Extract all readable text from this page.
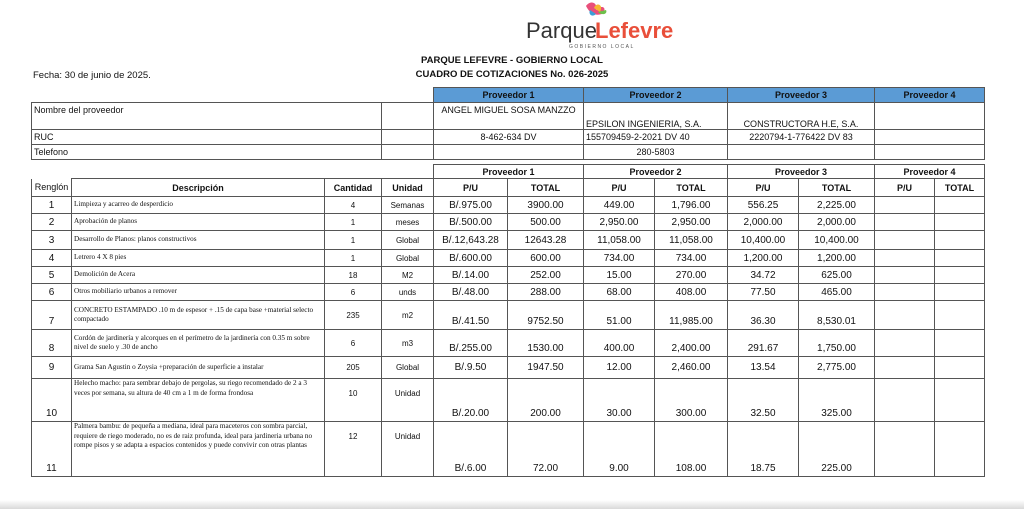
Parque
Lefevre
GOBIERNO LOCAL
PARQUE LEFEVRE - GOBIERNO LOCAL
CUADRO DE COTIZACIONES No. 026-2025
Fecha: 30 de junio de 2025.
		Proveedor 1	Proveedor 2	Proveedor 3	Proveedor 4
Nombre del proveedor		ANGEL MIGUEL SOSA MANZZO	EPSILON INGENIERIA, S.A.	CONSTRUCTORA H.E, S.A.	
RUC		8-462-634 DV	155709459-2-2021 DV 40	2220794-1-776422 DV 83	
Telefono			280-5803		
				Proveedor 1		Proveedor 2		Proveedor 3		Proveedor 4	
Renglón	Descripción	Cantidad	Unidad	P/U	TOTAL	P/U	TOTAL	P/U	TOTAL	P/U	TOTAL
1	Limpieza y acarreo de desperdicio	4	Semanas	B/.975.00	3900.00	449.00	1,796.00	556.25	2,225.00		
2	Aprobación de planos	1	meses	B/.500.00	500.00	2,950.00	2,950.00	2,000.00	2,000.00		
3	Desarrollo de Planos: planos constructivos	1	Global	B/.12,643.28	12643.28	11,058.00	11,058.00	10,400.00	10,400.00		
4	Letrero 4 X 8 pies	1	Global	B/.600.00	600.00	734.00	734.00	1,200.00	1,200.00		
5	Demolición de Acera	18	M2	B/.14.00	252.00	15.00	270.00	34.72	625.00		
6	Otros mobiliario urbanos a remover	6	unds	B/.48.00	288.00	68.00	408.00	77.50	465.00		
7	CONCRETO ESTAMPADO .10 m de espesor + .15 de capa base +material selecto compactado	235	m2	B/.41.50	9752.50	51.00	11,985.00	36.30	8,530.01		
8	Cordón de jardinería y alcorques en el perímetro de la jardinería con 0.35 m sobre nivel de suelo y .30 de ancho	6	m3	B/.255.00	1530.00	400.00	2,400.00	291.67	1,750.00		
9	Grama San Agustin o Zoysia +preparación de superficie a instalar	205	Global	B/.9.50	1947.50	12.00	2,460.00	13.54	2,775.00		
10	Helecho macho: para sembrar debajo de pergolas, su riego recomendado de 2 a 3 veces por semana, su altura de 40 cm a 1 m de forma frondosa	10	Unidad	B/.20.00	200.00	30.00	300.00	32.50	325.00		
11	Palmera bambu: de pequeña a mediana, ideal para maceteros con sombra parcial, requiere de riego moderado, no es de raiz profunda, ideal para jardineria urbana no rompe pisos y se adapta a espacios contenidos y puede convivir con otras plantas	12	Unidad	B/.6.00	72.00	9.00	108.00	18.75	225.00		
